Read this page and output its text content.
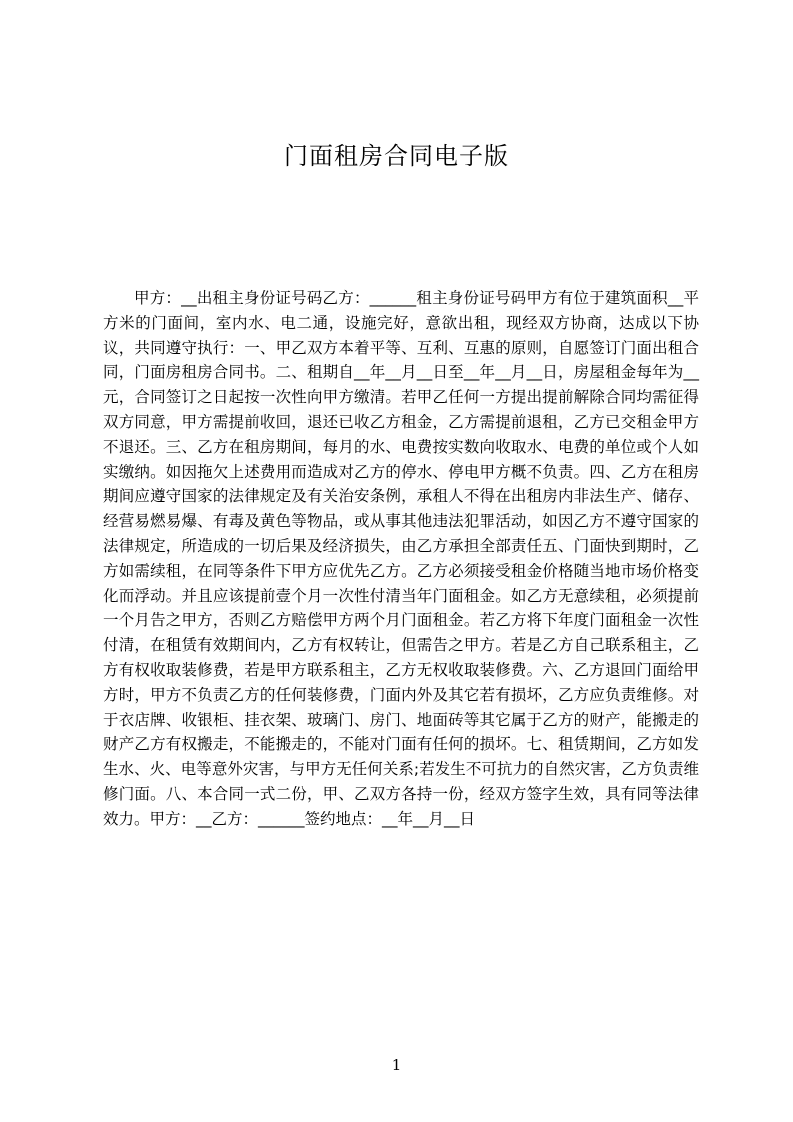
门面租房合同电子版
甲方：__出租主身份证号码乙方：______租主身份证号码甲方有位于建筑面积__平方米的门面间，室内水、电二通，设施完好，意欲出租，现经双方协商，达成以下协议，共同遵守执行：一、甲乙双方本着平等、互利、互惠的原则，自愿签订门面出租合同，门面房租房合同书。二、租期自__年__月__日至__年__月__日，房屋租金每年为__元，合同签订之日起按一次性向甲方缴清。若甲乙任何一方提出提前解除合同均需征得双方同意，甲方需提前收回，退还已收乙方租金，乙方需提前退租，乙方已交租金甲方不退还。三、乙方在租房期间，每月的水、电费按实数向收取水、电费的单位或个人如实缴纳。如因拖欠上述费用而造成对乙方的停水、停电甲方概不负责。四、乙方在租房期间应遵守国家的法律规定及有关治安条例，承租人不得在出租房内非法生产、储存、经营易燃易爆、有毒及黄色等物品，或从事其他违法犯罪活动，如因乙方不遵守国家的法律规定，所造成的一切后果及经济损失，由乙方承担全部责任五、门面快到期时，乙方如需续租，在同等条件下甲方应优先乙方。乙方必须接受租金价格随当地市场价格变化而浮动。并且应该提前壹个月一次性付清当年门面租金。如乙方无意续租，必须提前一个月告之甲方，否则乙方赔偿甲方两个月门面租金。若乙方将下年度门面租金一次性付清，在租赁有效期间内，乙方有权转让，但需告之甲方。若是乙方自己联系租主，乙方有权收取装修费，若是甲方联系租主，乙方无权收取装修费。六、乙方退回门面给甲方时，甲方不负责乙方的任何装修费，门面内外及其它若有损坏，乙方应负责维修。对于衣店牌、收银柜、挂衣架、玻璃门、房门、地面砖等其它属于乙方的财产，能搬走的财产乙方有权搬走，不能搬走的，不能对门面有任何的损坏。七、租赁期间，乙方如发生水、火、电等意外灾害，与甲方无任何关系;若发生不可抗力的自然灾害，乙方负责维修门面。八、本合同一式二份，甲、乙双方各持一份，经双方签字生效，具有同等法律效力。甲方：__乙方：______签约地点：__年__月__日
1
